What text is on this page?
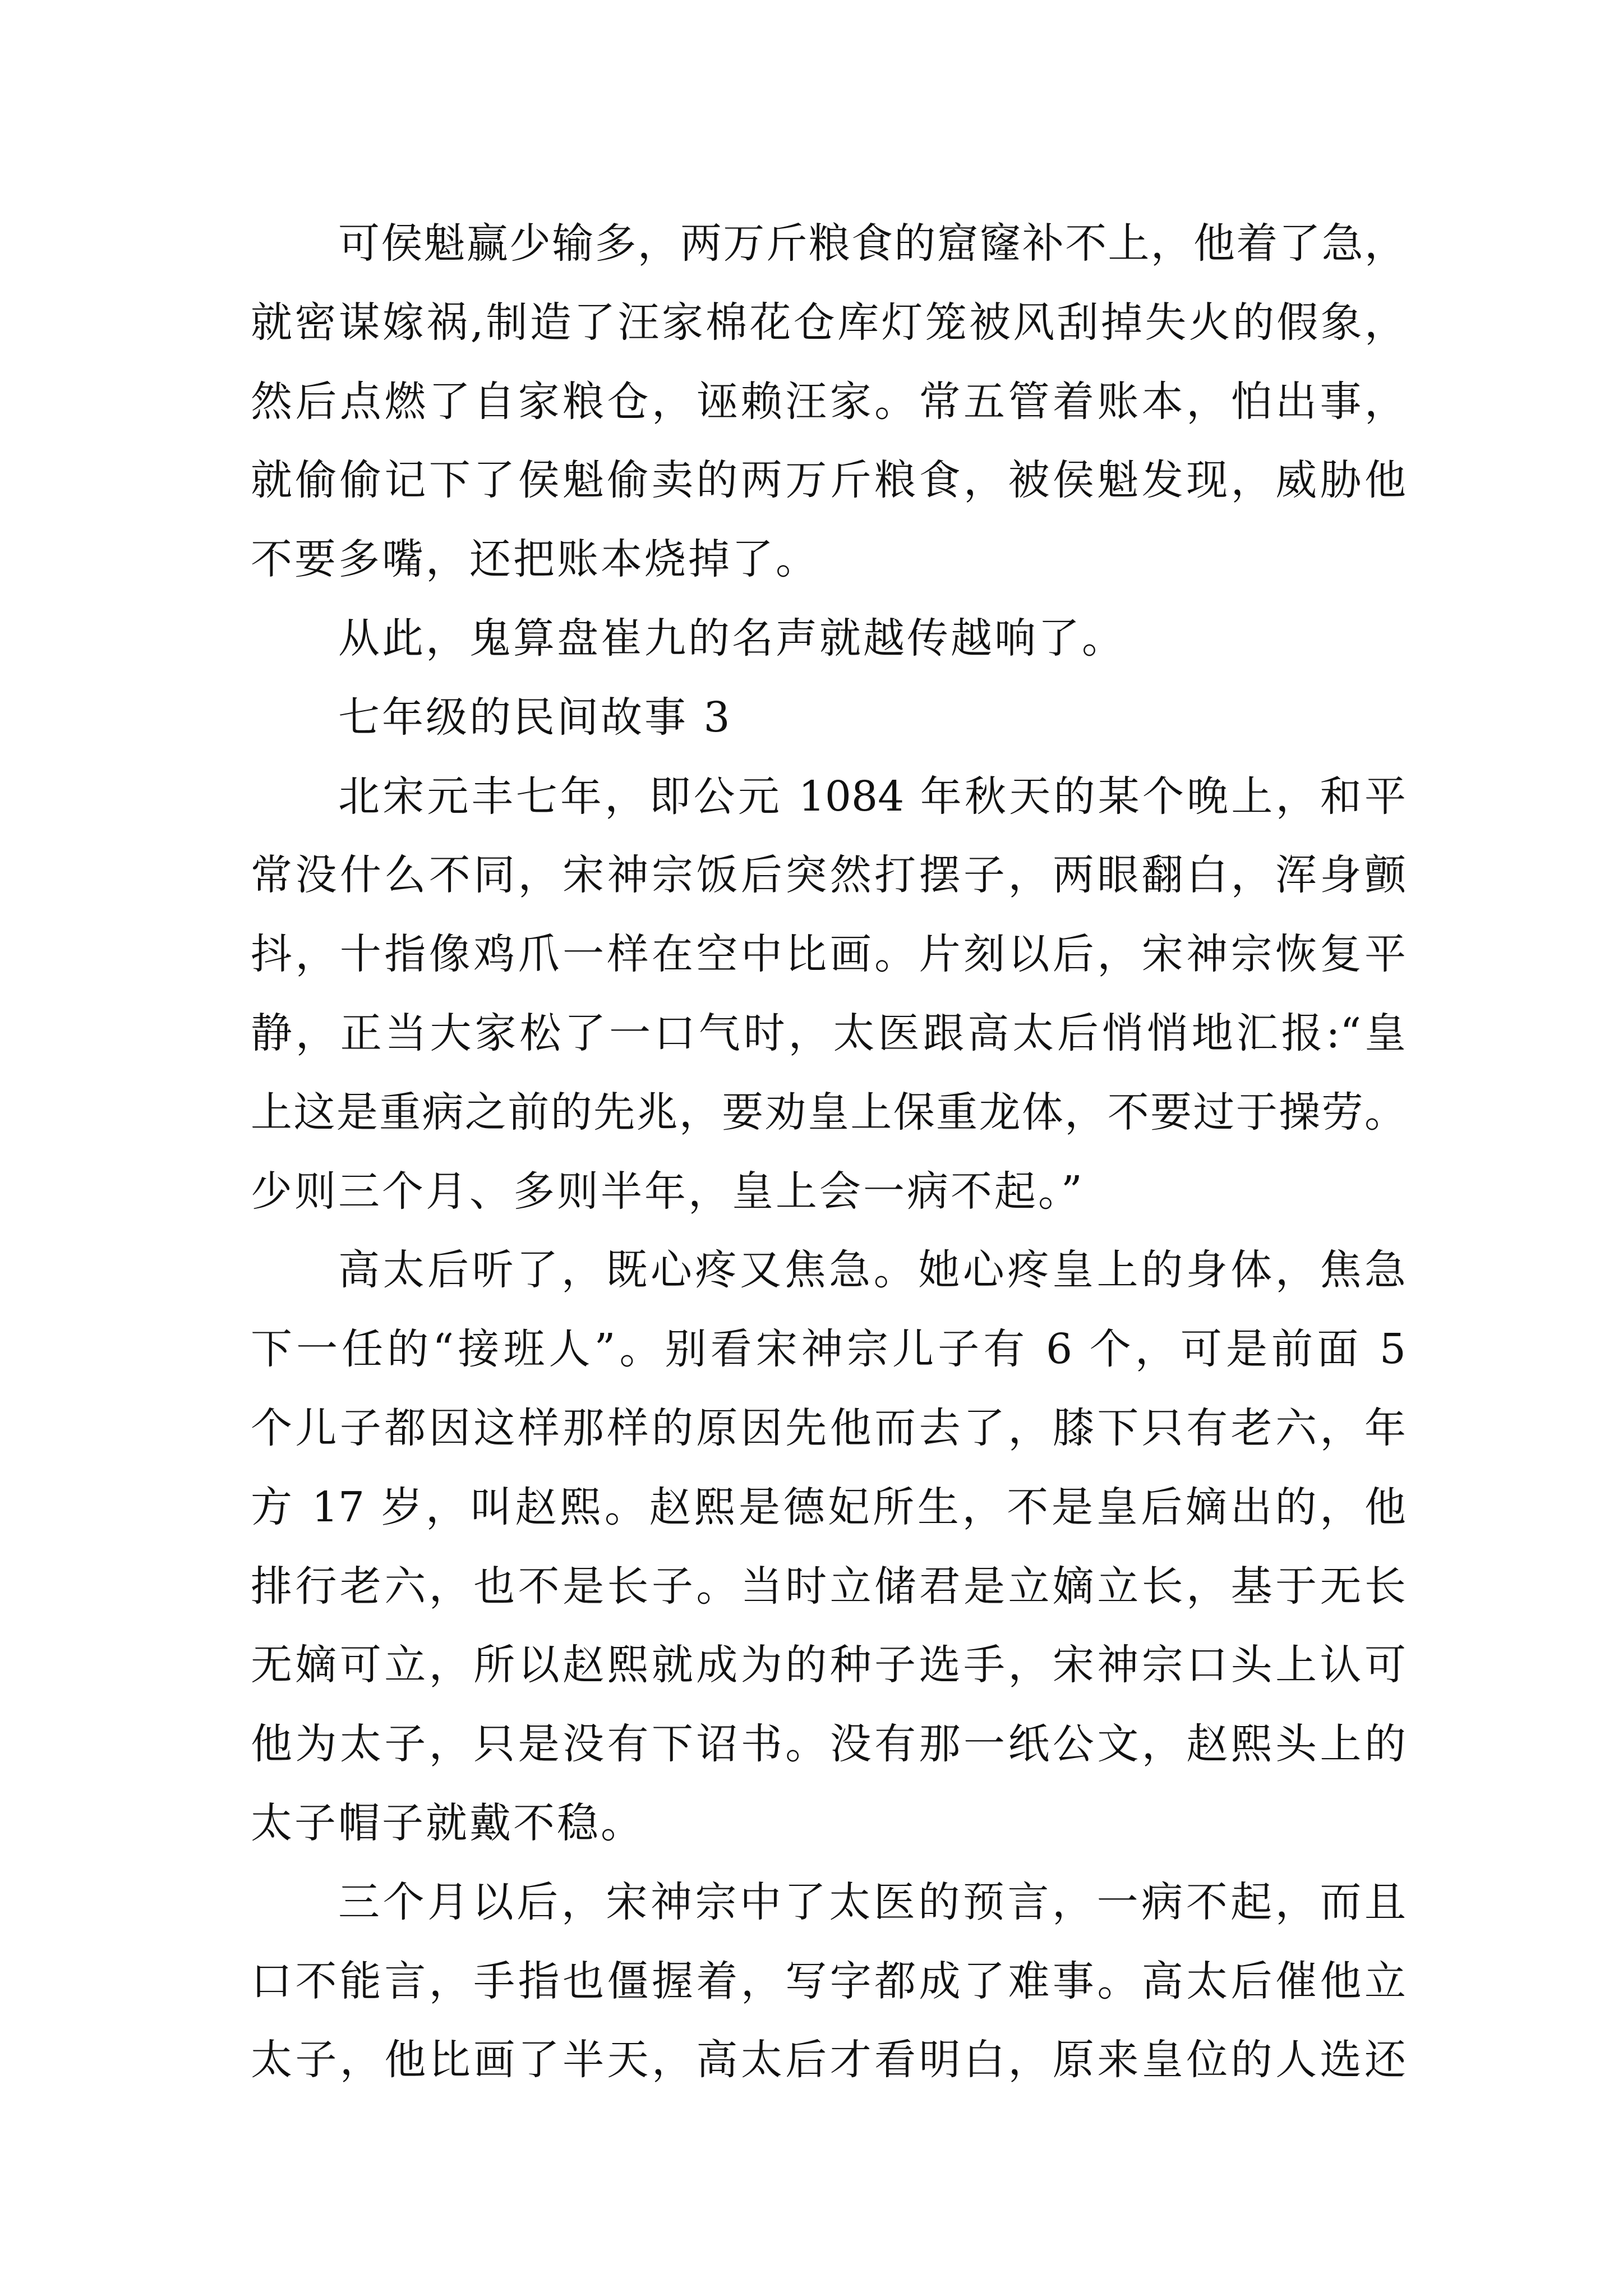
可侯魁赢少输多，两万斤粮食的窟窿补不上，他着了急，
就密谋嫁祸,制造了汪家棉花仓库灯笼被风刮掉失火的假象，
然后点燃了自家粮仓，诬赖汪家。常五管着账本，怕出事，
就偷偷记下了侯魁偷卖的两万斤粮食，被侯魁发现，威胁他
不要多嘴，还把账本烧掉了。
从此，鬼算盘崔九的名声就越传越响了。
七年级的民间故事 3
北宋元丰七年，即公元 1084 年秋天的某个晚上，和平
常没什么不同，宋神宗饭后突然打摆子，两眼翻白，浑身颤
抖，十指像鸡爪一样在空中比画。片刻以后，宋神宗恢复平
静，正当大家松了一口气时，太医跟高太后悄悄地汇报:“皇
上这是重病之前的先兆，要劝皇上保重龙体，不要过于操劳。
少则三个月、多则半年，皇上会一病不起。”
高太后听了，既心疼又焦急。她心疼皇上的身体，焦急
下一任的“接班人”。别看宋神宗儿子有 6 个，可是前面 5
个儿子都因这样那样的原因先他而去了，膝下只有老六，年
方 17 岁，叫赵熙。赵熙是德妃所生，不是皇后嫡出的，他
排行老六，也不是长子。当时立储君是立嫡立长，基于无长
无嫡可立，所以赵熙就成为的种子选手，宋神宗口头上认可
他为太子，只是没有下诏书。没有那一纸公文，赵熙头上的
太子帽子就戴不稳。
三个月以后，宋神宗中了太医的预言，一病不起，而且
口不能言，手指也僵握着，写字都成了难事。高太后催他立
太子，他比画了半天，高太后才看明白，原来皇位的人选还
